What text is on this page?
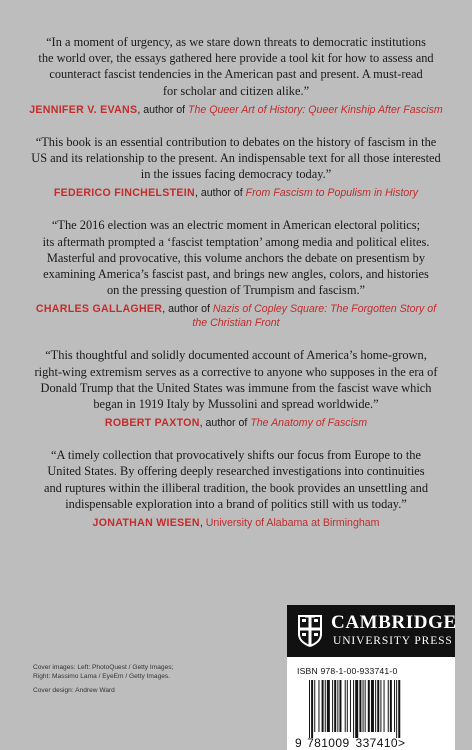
“In a moment of urgency, as we stare down threats to democratic institutions
the world over, the essays gathered here provide a tool kit for how to assess and
counteract fascist tendencies in the American past and present. A must-read
for scholar and citizen alike.”

JENNIFER V. EVANS, author of The Queer Art of History: Queer Kinship After Fascism

“This book is an essential contribution to debates on the history of fascism in the
US and its relationship to the present. An indispensable text for all those interested
in the issues facing democracy today.”

FEDERICO FINCHELSTEIN, author of From Fascism to Populism in History

“The 2016 election was an electric moment in American electoral politics;
its aftermath prompted a ‘fascist temptation’ among media and political elites.
Masterful and provocative, this volume anchors the debate on presentism by
examining America’s fascist past, and brings new angles, colors, and histories
on the pressing question of Trumpism and fascism.”

CHARLES GALLAGHER, author of Nazis of Copley Square: The Forgotten Story of
the Christian Front

“This thoughtful and solidly documented account of America’s home-grown,
right-wing extremism serves as a corrective to anyone who supposes in the era of
Donald Trump that the United States was immune from the fascist wave which
began in 1919 Italy by Mussolini and spread worldwide.”

ROBERT PAXTON, author of The Anatomy of Fascism

“A timely collection that provocatively shifts our focus from Europe to the
United States. By offering deeply researched investigations into continuities
and ruptures within the illiberal tradition, the book provides an unsettling and
indispensable exploration into a brand of politics still with us today.”

JONATHAN WIESEN, University of Alabama at Birmingham
Cover images: Left: PhotoQuest / Getty Images;
Right: Massimo Lama / EyeEm / Getty Images.
Cover design: Andrew Ward
CAMBRIDGE
UNIVERSITY PRESS
ISBN 978-1-00-933741-0
9 781009 337410>
